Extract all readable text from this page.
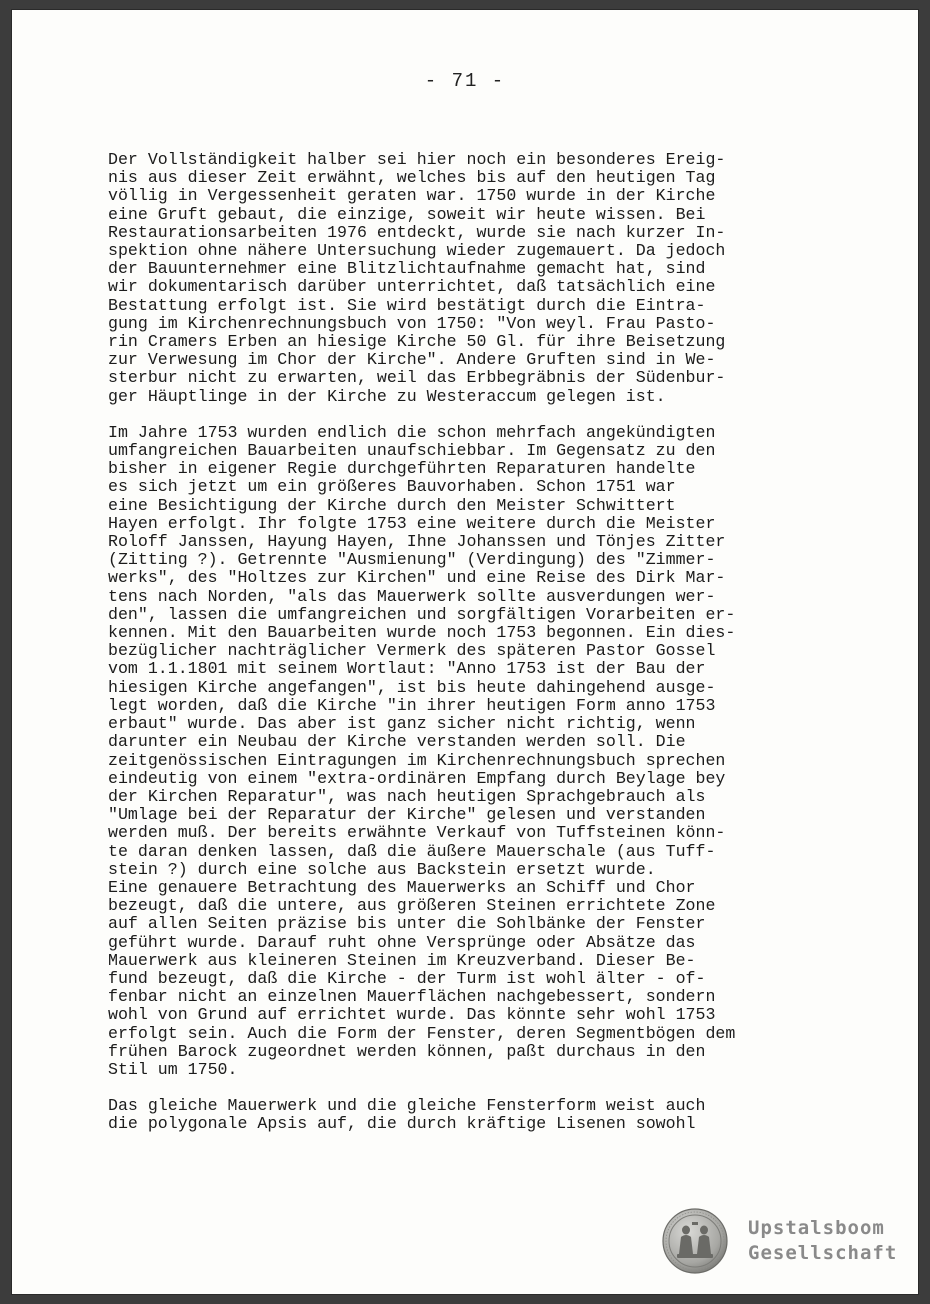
- 71 -
Der Vollständigkeit halber sei hier noch ein besonderes Ereig-
nis aus dieser Zeit erwähnt, welches bis auf den heutigen Tag
völlig in Vergessenheit geraten war. 1750 wurde in der Kirche
eine Gruft gebaut, die einzige, soweit wir heute wissen. Bei
Restaurationsarbeiten 1976 entdeckt, wurde sie nach kurzer In-
spektion ohne nähere Untersuchung wieder zugemauert. Da jedoch
der Bauunternehmer eine Blitzlichtaufnahme gemacht hat, sind
wir dokumentarisch darüber unterrichtet, daß tatsächlich eine
Bestattung erfolgt ist. Sie wird bestätigt durch die Eintra-
gung im Kirchenrechnungsbuch von 1750: "Von weyl. Frau Pasto-
rin Cramers Erben an hiesige Kirche 50 Gl. für ihre Beisetzung
zur Verwesung im Chor der Kirche". Andere Gruften sind in We-
sterbur nicht zu erwarten, weil das Erbbegräbnis der Südenbur-
ger Häuptlinge in der Kirche zu Westeraccum gelegen ist.
Im Jahre 1753 wurden endlich die schon mehrfach angekündigten
umfangreichen Bauarbeiten unaufschiebbar. Im Gegensatz zu den
bisher in eigener Regie durchgeführten Reparaturen handelte
es sich jetzt um ein größeres Bauvorhaben. Schon 1751 war
eine Besichtigung der Kirche durch den Meister Schwittert
Hayen erfolgt. Ihr folgte 1753 eine weitere durch die Meister
Roloff Janssen, Hayung Hayen, Ihne Johanssen und Tönjes Zitter
(Zitting ?). Getrennte "Ausmienung" (Verdingung) des "Zimmer-
werks", des "Holtzes zur Kirchen" und eine Reise des Dirk Mar-
tens nach Norden, "als das Mauerwerk sollte ausverdungen wer-
den", lassen die umfangreichen und sorgfältigen Vorarbeiten er-
kennen. Mit den Bauarbeiten wurde noch 1753 begonnen. Ein dies-
bezüglicher nachträglicher Vermerk des späteren Pastor Gossel
vom 1.1.1801 mit seinem Wortlaut: "Anno 1753 ist der Bau der
hiesigen Kirche angefangen", ist bis heute dahingehend ausge-
legt worden, daß die Kirche "in ihrer heutigen Form anno 1753
erbaut" wurde. Das aber ist ganz sicher nicht richtig, wenn
darunter ein Neubau der Kirche verstanden werden soll. Die
zeitgenössischen Eintragungen im Kirchenrechnungsbuch sprechen
eindeutig von einem "extra-ordinären Empfang durch Beylage bey
der Kirchen Reparatur", was nach heutigen Sprachgebrauch als
"Umlage bei der Reparatur der Kirche" gelesen und verstanden
werden muß. Der bereits erwähnte Verkauf von Tuffsteinen könn-
te daran denken lassen, daß die äußere Mauerschale (aus Tuff-
stein ?) durch eine solche aus Backstein ersetzt wurde.
Eine genauere Betrachtung des Mauerwerks an Schiff und Chor
bezeugt, daß die untere, aus größeren Steinen errichtete Zone
auf allen Seiten präzise bis unter die Sohlbänke der Fenster
geführt wurde. Darauf ruht ohne Versprünge oder Absätze das
Mauerwerk aus kleineren Steinen im Kreuzverband. Dieser Be-
fund bezeugt, daß die Kirche - der Turm ist wohl älter - of-
fenbar nicht an einzelnen Mauerflächen nachgebessert, sondern
wohl von Grund auf errichtet wurde. Das könnte sehr wohl 1753
erfolgt sein. Auch die Form der Fenster, deren Segmentbögen dem
frühen Barock zugeordnet werden können, paßt durchaus in den
Stil um 1750.
Das gleiche Mauerwerk und die gleiche Fensterform weist auch
die polygonale Apsis auf, die durch kräftige Lisenen sowohl
Upstalsboom
Gesellschaft
